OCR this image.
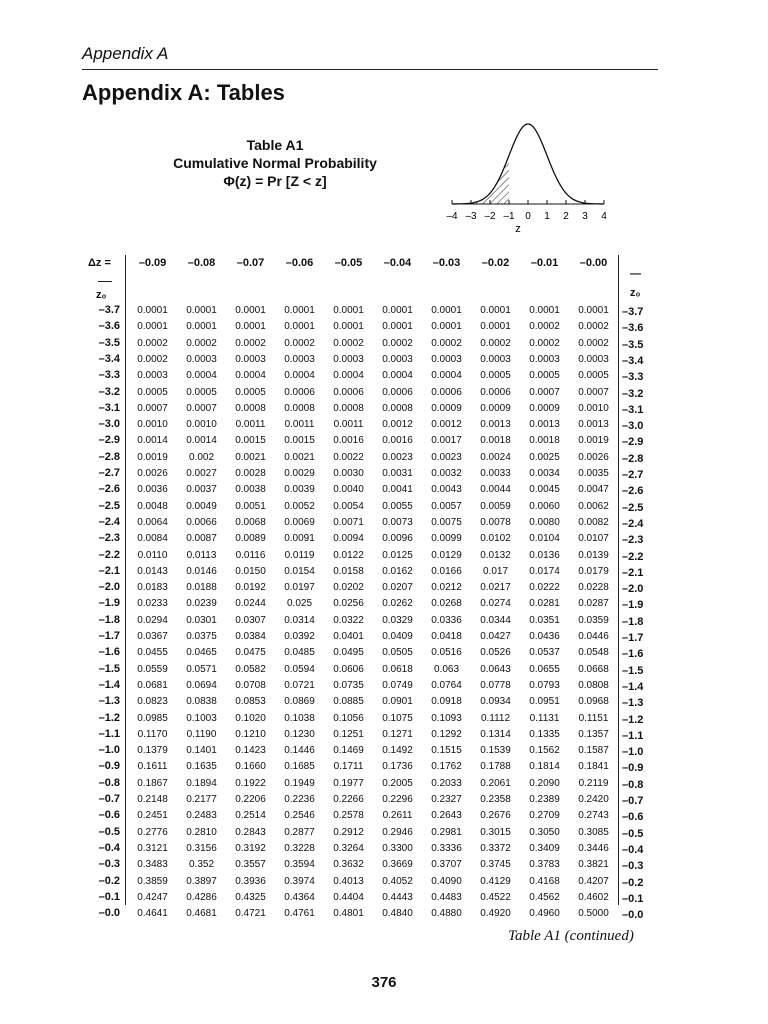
Appendix A
Appendix A: Tables
Table A1
Cumulative Normal Probability
Φ(z) = Pr [Z < z]
–4 –3 –2 –1 0 1 2 3 4
z
Δz =
z₀
—
z₀
–0.09	–0.08	–0.07	–0.06	–0.05	–0.04	–0.03	–0.02	–0.01	–0.00
–3.7	0.0001	0.0001	0.0001	0.0001	0.0001	0.0001	0.0001	0.0001	0.0001	0.0001	–3.7
–3.6	0.0001	0.0001	0.0001	0.0001	0.0001	0.0001	0.0001	0.0001	0.0002	0.0002	–3.6
–3.5	0.0002	0.0002	0.0002	0.0002	0.0002	0.0002	0.0002	0.0002	0.0002	0.0002	–3.5
–3.4	0.0002	0.0003	0.0003	0.0003	0.0003	0.0003	0.0003	0.0003	0.0003	0.0003	–3.4
–3.3	0.0003	0.0004	0.0004	0.0004	0.0004	0.0004	0.0004	0.0005	0.0005	0.0005	–3.3
–3.2	0.0005	0.0005	0.0005	0.0006	0.0006	0.0006	0.0006	0.0006	0.0007	0.0007	–3.2
–3.1	0.0007	0.0007	0.0008	0.0008	0.0008	0.0008	0.0009	0.0009	0.0009	0.0010	–3.1
–3.0	0.0010	0.0010	0.0011	0.0011	0.0011	0.0012	0.0012	0.0013	0.0013	0.0013	–3.0
–2.9	0.0014	0.0014	0.0015	0.0015	0.0016	0.0016	0.0017	0.0018	0.0018	0.0019	–2.9
–2.8	0.0019	0.002	0.0021	0.0021	0.0022	0.0023	0.0023	0.0024	0.0025	0.0026	–2.8
–2.7	0.0026	0.0027	0.0028	0.0029	0.0030	0.0031	0.0032	0.0033	0.0034	0.0035	–2.7
–2.6	0.0036	0.0037	0.0038	0.0039	0.0040	0.0041	0.0043	0.0044	0.0045	0.0047	–2.6
–2.5	0.0048	0.0049	0.0051	0.0052	0.0054	0.0055	0.0057	0.0059	0.0060	0.0062	–2.5
–2.4	0.0064	0.0066	0.0068	0.0069	0.0071	0.0073	0.0075	0.0078	0.0080	0.0082	–2.4
–2.3	0.0084	0.0087	0.0089	0.0091	0.0094	0.0096	0.0099	0.0102	0.0104	0.0107	–2.3
–2.2	0.0110	0.0113	0.0116	0.0119	0.0122	0.0125	0.0129	0.0132	0.0136	0.0139	–2.2
–2.1	0.0143	0.0146	0.0150	0.0154	0.0158	0.0162	0.0166	0.017	0.0174	0.0179	–2.1
–2.0	0.0183	0.0188	0.0192	0.0197	0.0202	0.0207	0.0212	0.0217	0.0222	0.0228	–2.0
–1.9	0.0233	0.0239	0.0244	0.025	0.0256	0.0262	0.0268	0.0274	0.0281	0.0287	–1.9
–1.8	0.0294	0.0301	0.0307	0.0314	0.0322	0.0329	0.0336	0.0344	0.0351	0.0359	–1.8
–1.7	0.0367	0.0375	0.0384	0.0392	0.0401	0.0409	0.0418	0.0427	0.0436	0.0446	–1.7
–1.6	0.0455	0.0465	0.0475	0.0485	0.0495	0.0505	0.0516	0.0526	0.0537	0.0548	–1.6
–1.5	0.0559	0.0571	0.0582	0.0594	0.0606	0.0618	0.063	0.0643	0.0655	0.0668	–1.5
–1.4	0.0681	0.0694	0.0708	0.0721	0.0735	0.0749	0.0764	0.0778	0.0793	0.0808	–1.4
–1.3	0.0823	0.0838	0.0853	0.0869	0.0885	0.0901	0.0918	0.0934	0.0951	0.0968	–1.3
–1.2	0.0985	0.1003	0.1020	0.1038	0.1056	0.1075	0.1093	0.1112	0.1131	0.1151	–1.2
–1.1	0.1170	0.1190	0.1210	0.1230	0.1251	0.1271	0.1292	0.1314	0.1335	0.1357	–1.1
–1.0	0.1379	0.1401	0.1423	0.1446	0.1469	0.1492	0.1515	0.1539	0.1562	0.1587	–1.0
–0.9	0.1611	0.1635	0.1660	0.1685	0.1711	0.1736	0.1762	0.1788	0.1814	0.1841	–0.9
–0.8	0.1867	0.1894	0.1922	0.1949	0.1977	0.2005	0.2033	0.2061	0.2090	0.2119	–0.8
–0.7	0.2148	0.2177	0.2206	0.2236	0.2266	0.2296	0.2327	0.2358	0.2389	0.2420	–0.7
–0.6	0.2451	0.2483	0.2514	0.2546	0.2578	0.2611	0.2643	0.2676	0.2709	0.2743	–0.6
–0.5	0.2776	0.2810	0.2843	0.2877	0.2912	0.2946	0.2981	0.3015	0.3050	0.3085	–0.5
–0.4	0.3121	0.3156	0.3192	0.3228	0.3264	0.3300	0.3336	0.3372	0.3409	0.3446	–0.4
–0.3	0.3483	0.352	0.3557	0.3594	0.3632	0.3669	0.3707	0.3745	0.3783	0.3821	–0.3
–0.2	0.3859	0.3897	0.3936	0.3974	0.4013	0.4052	0.4090	0.4129	0.4168	0.4207	–0.2
–0.1	0.4247	0.4286	0.4325	0.4364	0.4404	0.4443	0.4483	0.4522	0.4562	0.4602	–0.1
–0.0	0.4641	0.4681	0.4721	0.4761	0.4801	0.4840	0.4880	0.4920	0.4960	0.5000	–0.0
Table A1 (continued)
376
